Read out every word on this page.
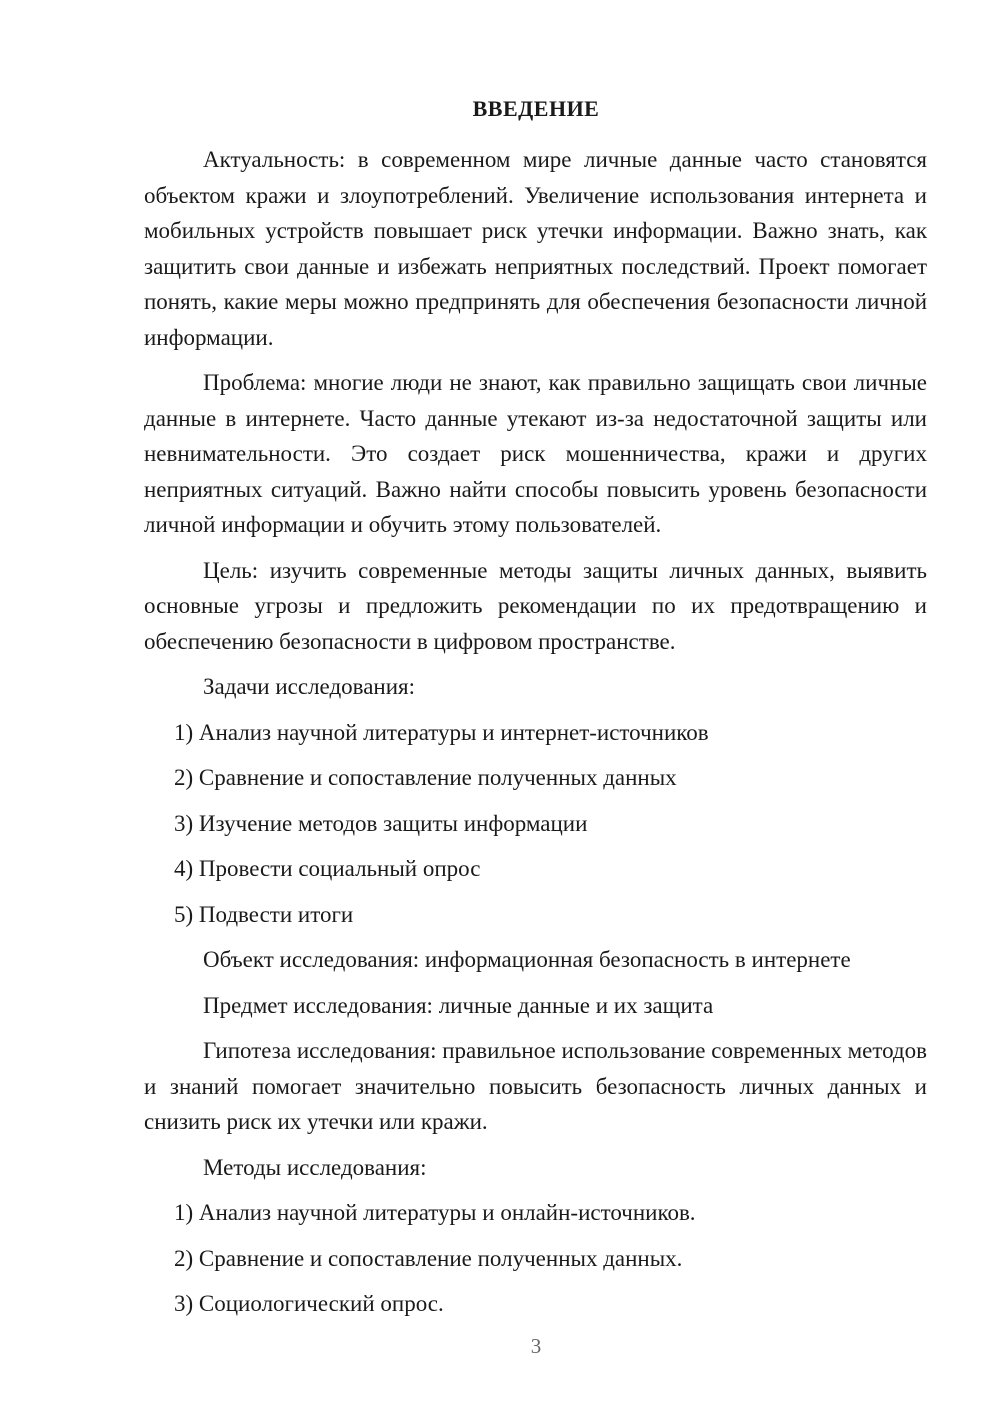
ВВЕДЕНИЕ

Актуальность: в современном мире личные данные часто становятся объектом кражи и злоупотреблений. Увеличение использования интернета и мобильных устройств повышает риск утечки информации. Важно знать, как защитить свои данные и избежать неприятных последствий. Проект помогает понять, какие меры можно предпринять для обеспечения безопасности личной информации.

Проблема: многие люди не знают, как правильно защищать свои личные данные в интернете. Часто данные утекают из-за недостаточной защиты или невнимательности. Это создает риск мошенничества, кражи и других неприятных ситуаций. Важно найти способы повысить уровень безопасности личной информации и обучить этому пользователей.

Цель: изучить современные методы защиты личных данных, выявить основные угрозы и предложить рекомендации по их предотвращению и обеспечению безопасности в цифровом пространстве.

Задачи исследования:

1) Анализ научной литературы и интернет-источников

2) Сравнение и сопоставление полученных данных

3) Изучение методов защиты информации

4) Провести социальный опрос

5) Подвести итоги

Объект исследования: информационная безопасность в интернете

Предмет исследования: личные данные и их защита

Гипотеза исследования: правильное использование современных методов и знаний помогает значительно повысить безопасность личных данных и снизить риск их утечки или кражи.

Методы исследования:

1) Анализ научной литературы и онлайн-источников.

2) Сравнение и сопоставление полученных данных.

3) Социологический опрос.

3
